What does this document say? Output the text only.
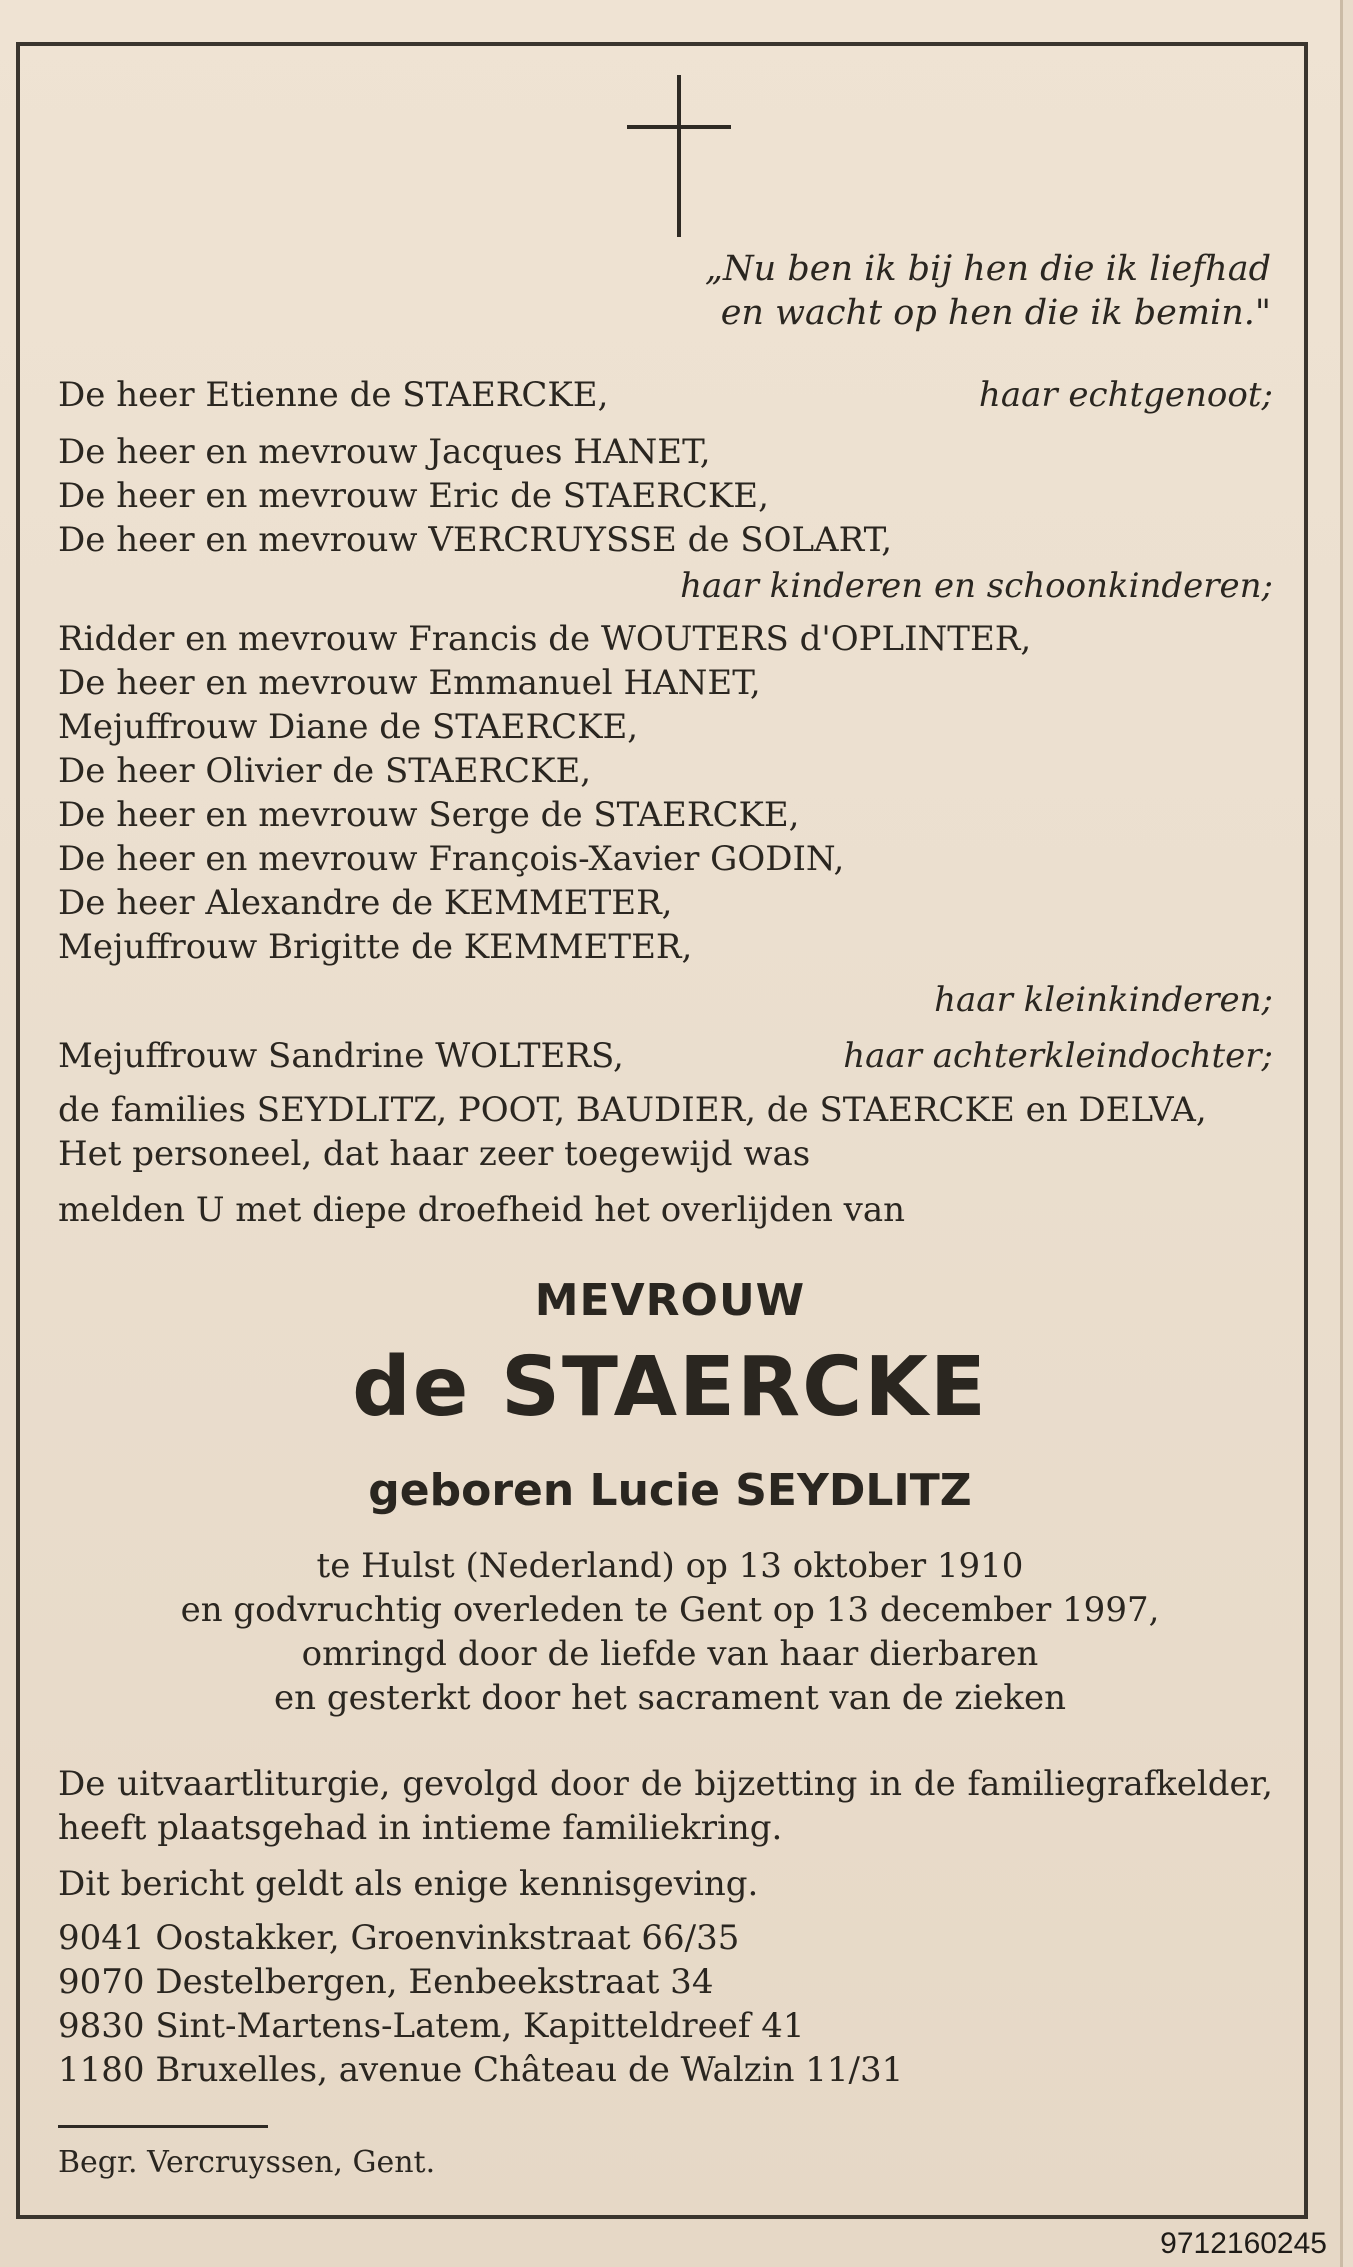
„Nu ben ik bij hen die ik liefhad
en wacht op hen die ik bemin."
De heer Etienne de STAERCKE,	haar echtgenoot;
De heer en mevrouw Jacques HANET,
De heer en mevrouw Eric de STAERCKE,
De heer en mevrouw VERCRUYSSE de SOLART,
haar kinderen en schoonkinderen;
Ridder en mevrouw Francis de WOUTERS d'OPLINTER,
De heer en mevrouw Emmanuel HANET,
Mejuffrouw Diane de STAERCKE,
De heer Olivier de STAERCKE,
De heer en mevrouw Serge de STAERCKE,
De heer en mevrouw François-Xavier GODIN,
De heer Alexandre de KEMMETER,
Mejuffrouw Brigitte de KEMMETER,
haar kleinkinderen;
Mejuffrouw Sandrine WOLTERS,	haar achterkleindochter;
de families SEYDLITZ, POOT, BAUDIER, de STAERCKE en DELVA,
Het personeel, dat haar zeer toegewijd was
melden U met diepe droefheid het overlijden van
MEVROUW
de STAERCKE
geboren Lucie SEYDLITZ
te Hulst (Nederland) op 13 oktober 1910
en godvruchtig overleden te Gent op 13 december 1997,
omringd door de liefde van haar dierbaren
en gesterkt door het sacrament van de zieken
De uitvaartliturgie, gevolgd door de bijzetting in de familiegrafkelder, heeft plaatsgehad in intieme familiekring.
Dit bericht geldt als enige kennisgeving.
9041 Oostakker, Groenvinkstraat 66/35
9070 Destelbergen, Eenbeekstraat 34
9830 Sint-Martens-Latem, Kapitteldreef 41
1180 Bruxelles, avenue Château de Walzin 11/31
Begr. Vercruyssen, Gent.
9712160245
